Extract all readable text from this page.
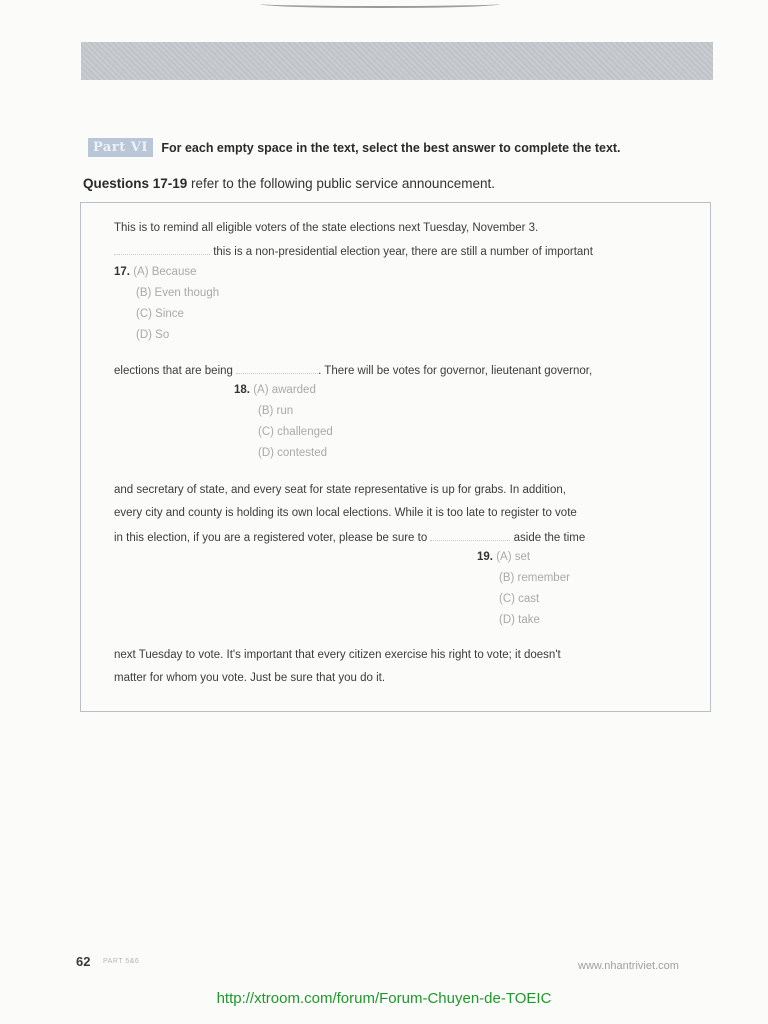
Part VI For each empty space in the text, select the best answer to complete the text.
Questions 17-19 refer to the following public service announcement.
This is to remind all eligible voters of the state elections next Tuesday, November 3.
this is a non-presidential election year, there are still a number of important
17. (A) Because
(B) Even though
(C) Since
(D) So
elections that are being	. There will be votes for governor, lieutenant governor,
18. (A) awarded
(B) run
(C) challenged
(D) contested
and secretary of state, and every seat for state representative is up for grabs. In addition,
every city and county is holding its own local elections. While it is too late to register to vote
in this election, if you are a registered voter, please be sure to	aside the time
19. (A) set
(B) remember
(C) cast
(D) take
next Tuesday to vote. It's important that every citizen exercise his right to vote; it doesn't
matter for whom you vote. Just be sure that you do it.
62 PART 5&6	www.nhantriviet.com
http://xtroom.com/forum/Forum-Chuyen-de-TOEIC
